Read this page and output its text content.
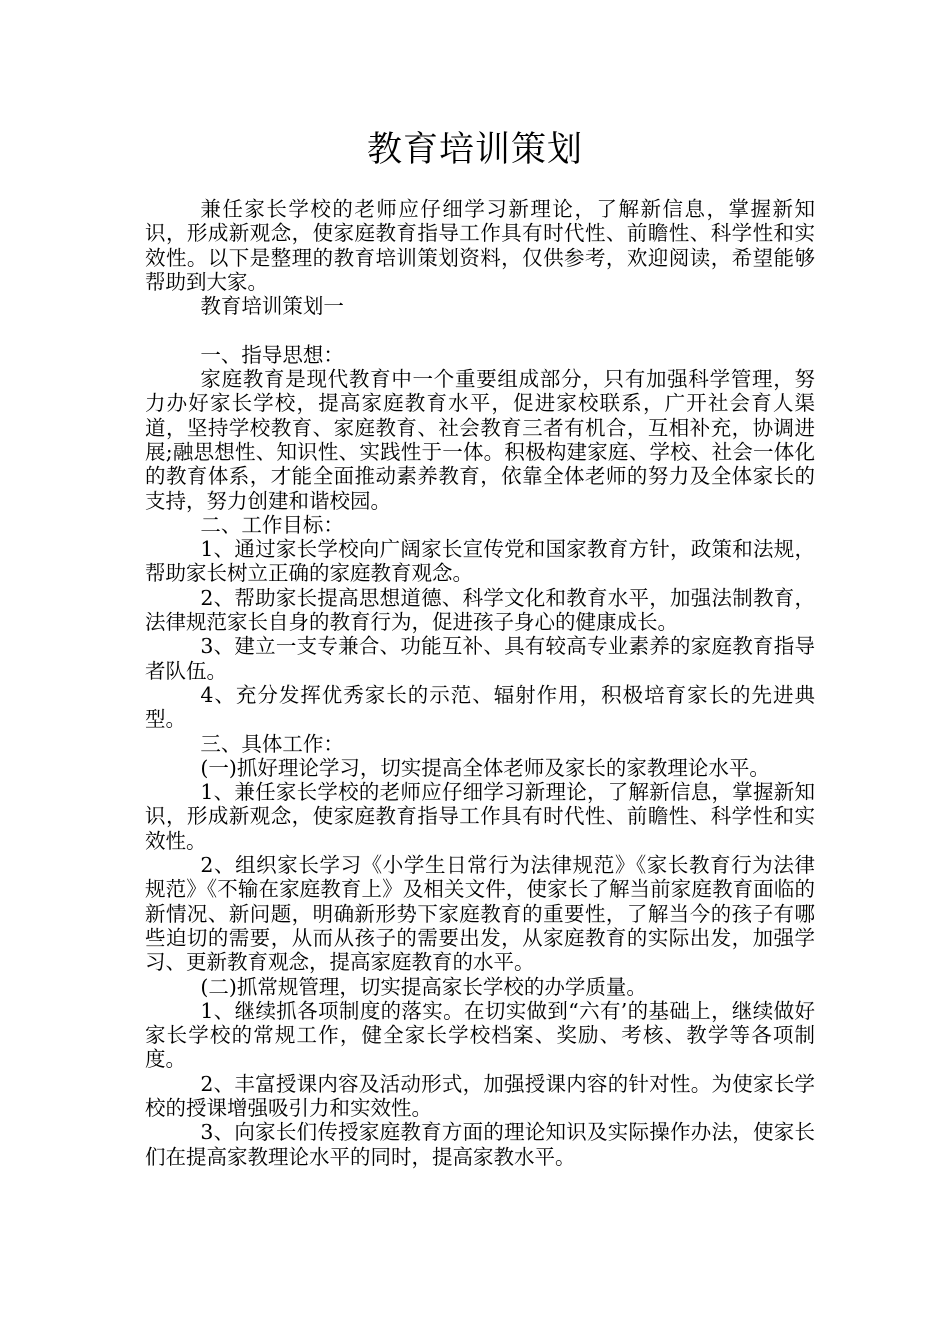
教育培训策划

兼任家长学校的老师应仔细学习新理论，了解新信息，掌握新知识，形成新观念，使家庭教育指导工作具有时代性、前瞻性、科学性和实效性。以下是整理的教育培训策划资料，仅供参考，欢迎阅读，希望能够帮助到大家。

教育培训策划一

一、指导思想：

家庭教育是现代教育中一个重要组成部分，只有加强科学管理，努力办好家长学校，提高家庭教育水平，促进家校联系，广开社会育人渠道，坚持学校教育、家庭教育、社会教育三者有机合，互相补充，协调进展;融思想性、知识性、实践性于一体。积极构建家庭、学校、社会一体化的教育体系，才能全面推动素养教育，依靠全体老师的努力及全体家长的支持，努力创建和谐校园。

二、工作目标：

1、通过家长学校向广阔家长宣传党和国家教育方针，政策和法规，帮助家长树立正确的家庭教育观念。

2、帮助家长提高思想道德、科学文化和教育水平，加强法制教育，法律规范家长自身的教育行为，促进孩子身心的健康成长。

3、建立一支专兼合、功能互补、具有较高专业素养的家庭教育指导者队伍。

4、充分发挥优秀家长的示范、辐射作用，积极培育家长的先进典型。

三、具体工作：

(一)抓好理论学习，切实提高全体老师及家长的家教理论水平。

1、兼任家长学校的老师应仔细学习新理论，了解新信息，掌握新知识，形成新观念，使家庭教育指导工作具有时代性、前瞻性、科学性和实效性。

2、组织家长学习《小学生日常行为法律规范》《家长教育行为法律规范》《不输在家庭教育上》及相关文件，使家长了解当前家庭教育面临的新情况、新问题，明确新形势下家庭教育的重要性，了解当今的孩子有哪些迫切的需要，从而从孩子的需要出发，从家庭教育的实际出发，加强学习、更新教育观念，提高家庭教育的水平。

(二)抓常规管理，切实提高家长学校的办学质量。

1、继续抓各项制度的落实。在切实做到“六有’的基础上，继续做好家长学校的常规工作，健全家长学校档案、奖励、考核、教学等各项制度。

2、丰富授课内容及活动形式，加强授课内容的针对性。为使家长学校的授课增强吸引力和实效性。

3、向家长们传授家庭教育方面的理论知识及实际操作办法，使家长们在提高家教理论水平的同时，提高家教水平。
